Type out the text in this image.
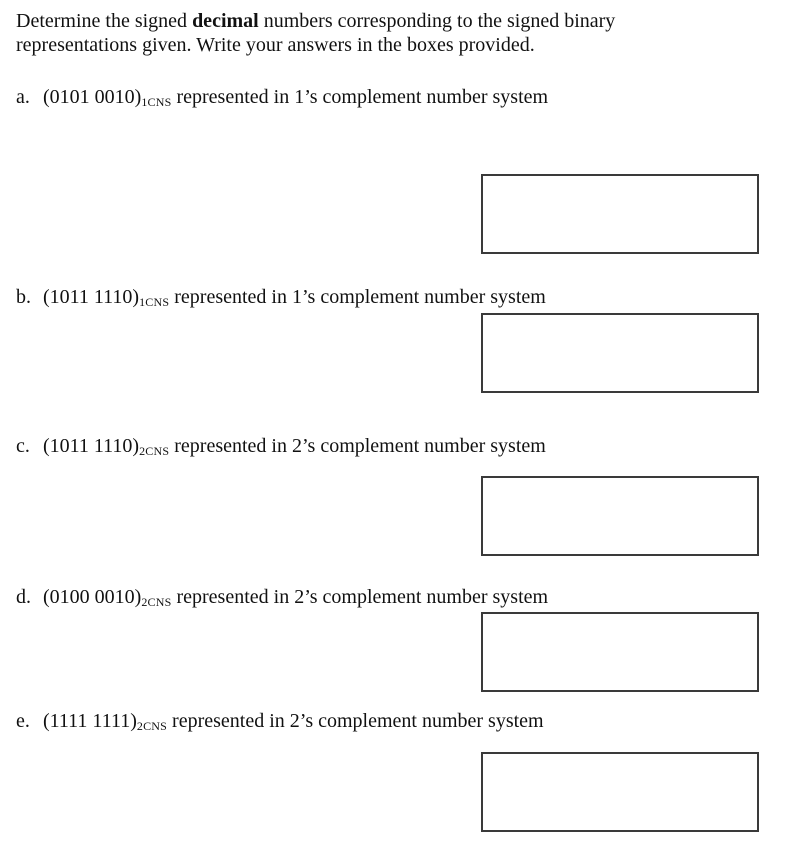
Determine the signed decimal numbers corresponding to the signed binary
representations given. Write your answers in the boxes provided.
a. (0101 $0010)_{1CNS}$ represented in 1’s complement number system
b. (1011 $1110)_{1CNS}$ represented in 1’s complement number system
c. (1011 $1110)_{2CNS}$ represented in 2’s complement number system
d. (0100 $0010)_{2CNS}$ represented in 2’s complement number system
e. (1111 $1111)_{2CNS}$ represented in 2’s complement number system
